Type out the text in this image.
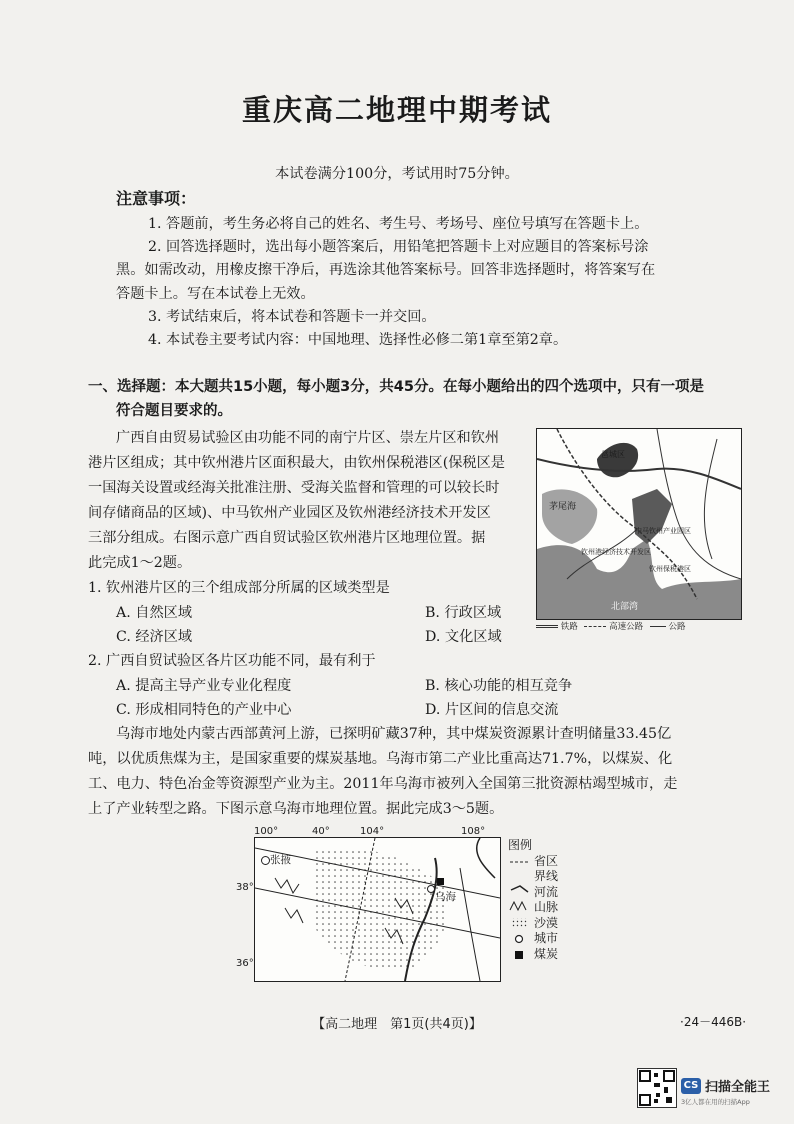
重庆高二地理中期考试
本试卷满分100分，考试用时75分钟。
注意事项：
1. 答题前，考生务必将自己的姓名、考生号、考场号、座位号填写在答题卡上。
2. 回答选择题时，选出每小题答案后，用铅笔把答题卡上对应题目的答案标号涂
黑。如需改动，用橡皮擦干净后，再选涂其他答案标号。回答非选择题时，将答案写在
答题卡上。写在本试卷上无效。
3. 考试结束后，将本试卷和答题卡一并交回。
4. 本试卷主要考试内容：中国地理、选择性必修二第1章至第2章。
一、选择题：本大题共15小题，每小题3分，共45分。在每小题给出的四个选项中，只有一项是
符合题目要求的。
广西自由贸易试验区由功能不同的南宁片区、崇左片区和钦州
港片区组成；其中钦州港片区面积最大，由钦州保税港区(保税区是
一国海关设置或经海关批准注册、受海关监督和管理的可以较长时
间存储商品的区域)、中马钦州产业园区及钦州港经济技术开发区
三部分组成。右图示意广西自贸试验区钦州港片区地理位置。据
此完成1～2题。
1. 钦州港片区的三个组成部分所属的区域类型是
A. 自然区域	B. 行政区域
C. 经济区域	D. 文化区域
2. 广西自贸试验区各片区功能不同，最有利于
A. 提高主导产业专业化程度	B. 核心功能的相互竞争
C. 形成相同特色的产业中心	D. 片区间的信息交流
乌海市地处内蒙古西部黄河上游，已探明矿藏37种，其中煤炭资源累计查明储量33.45亿
吨，以优质焦煤为主，是国家重要的煤炭基地。乌海市第二产业比重高达71.7%，以煤炭、化
工、电力、特色冶金等资源型产业为主。2011年乌海市被列入全国第三批资源枯竭型城市，走
上了产业转型之路。下图示意乌海市地理位置。据此完成3～5题。
邕城区
茅尾海
中马钦州产业园区
钦州港经济技术开发区
钦州保税港区
北部湾
铁路	高速公路	公路
100°	40°	104°	108°
38°
36°
张掖
乌海
图例
省区
界线
河流
山脉
沙漠
城市
煤炭
【高二地理　第1页(共4页)】	·24－446B·
CS 扫描全能王
3亿人都在用的扫描App
